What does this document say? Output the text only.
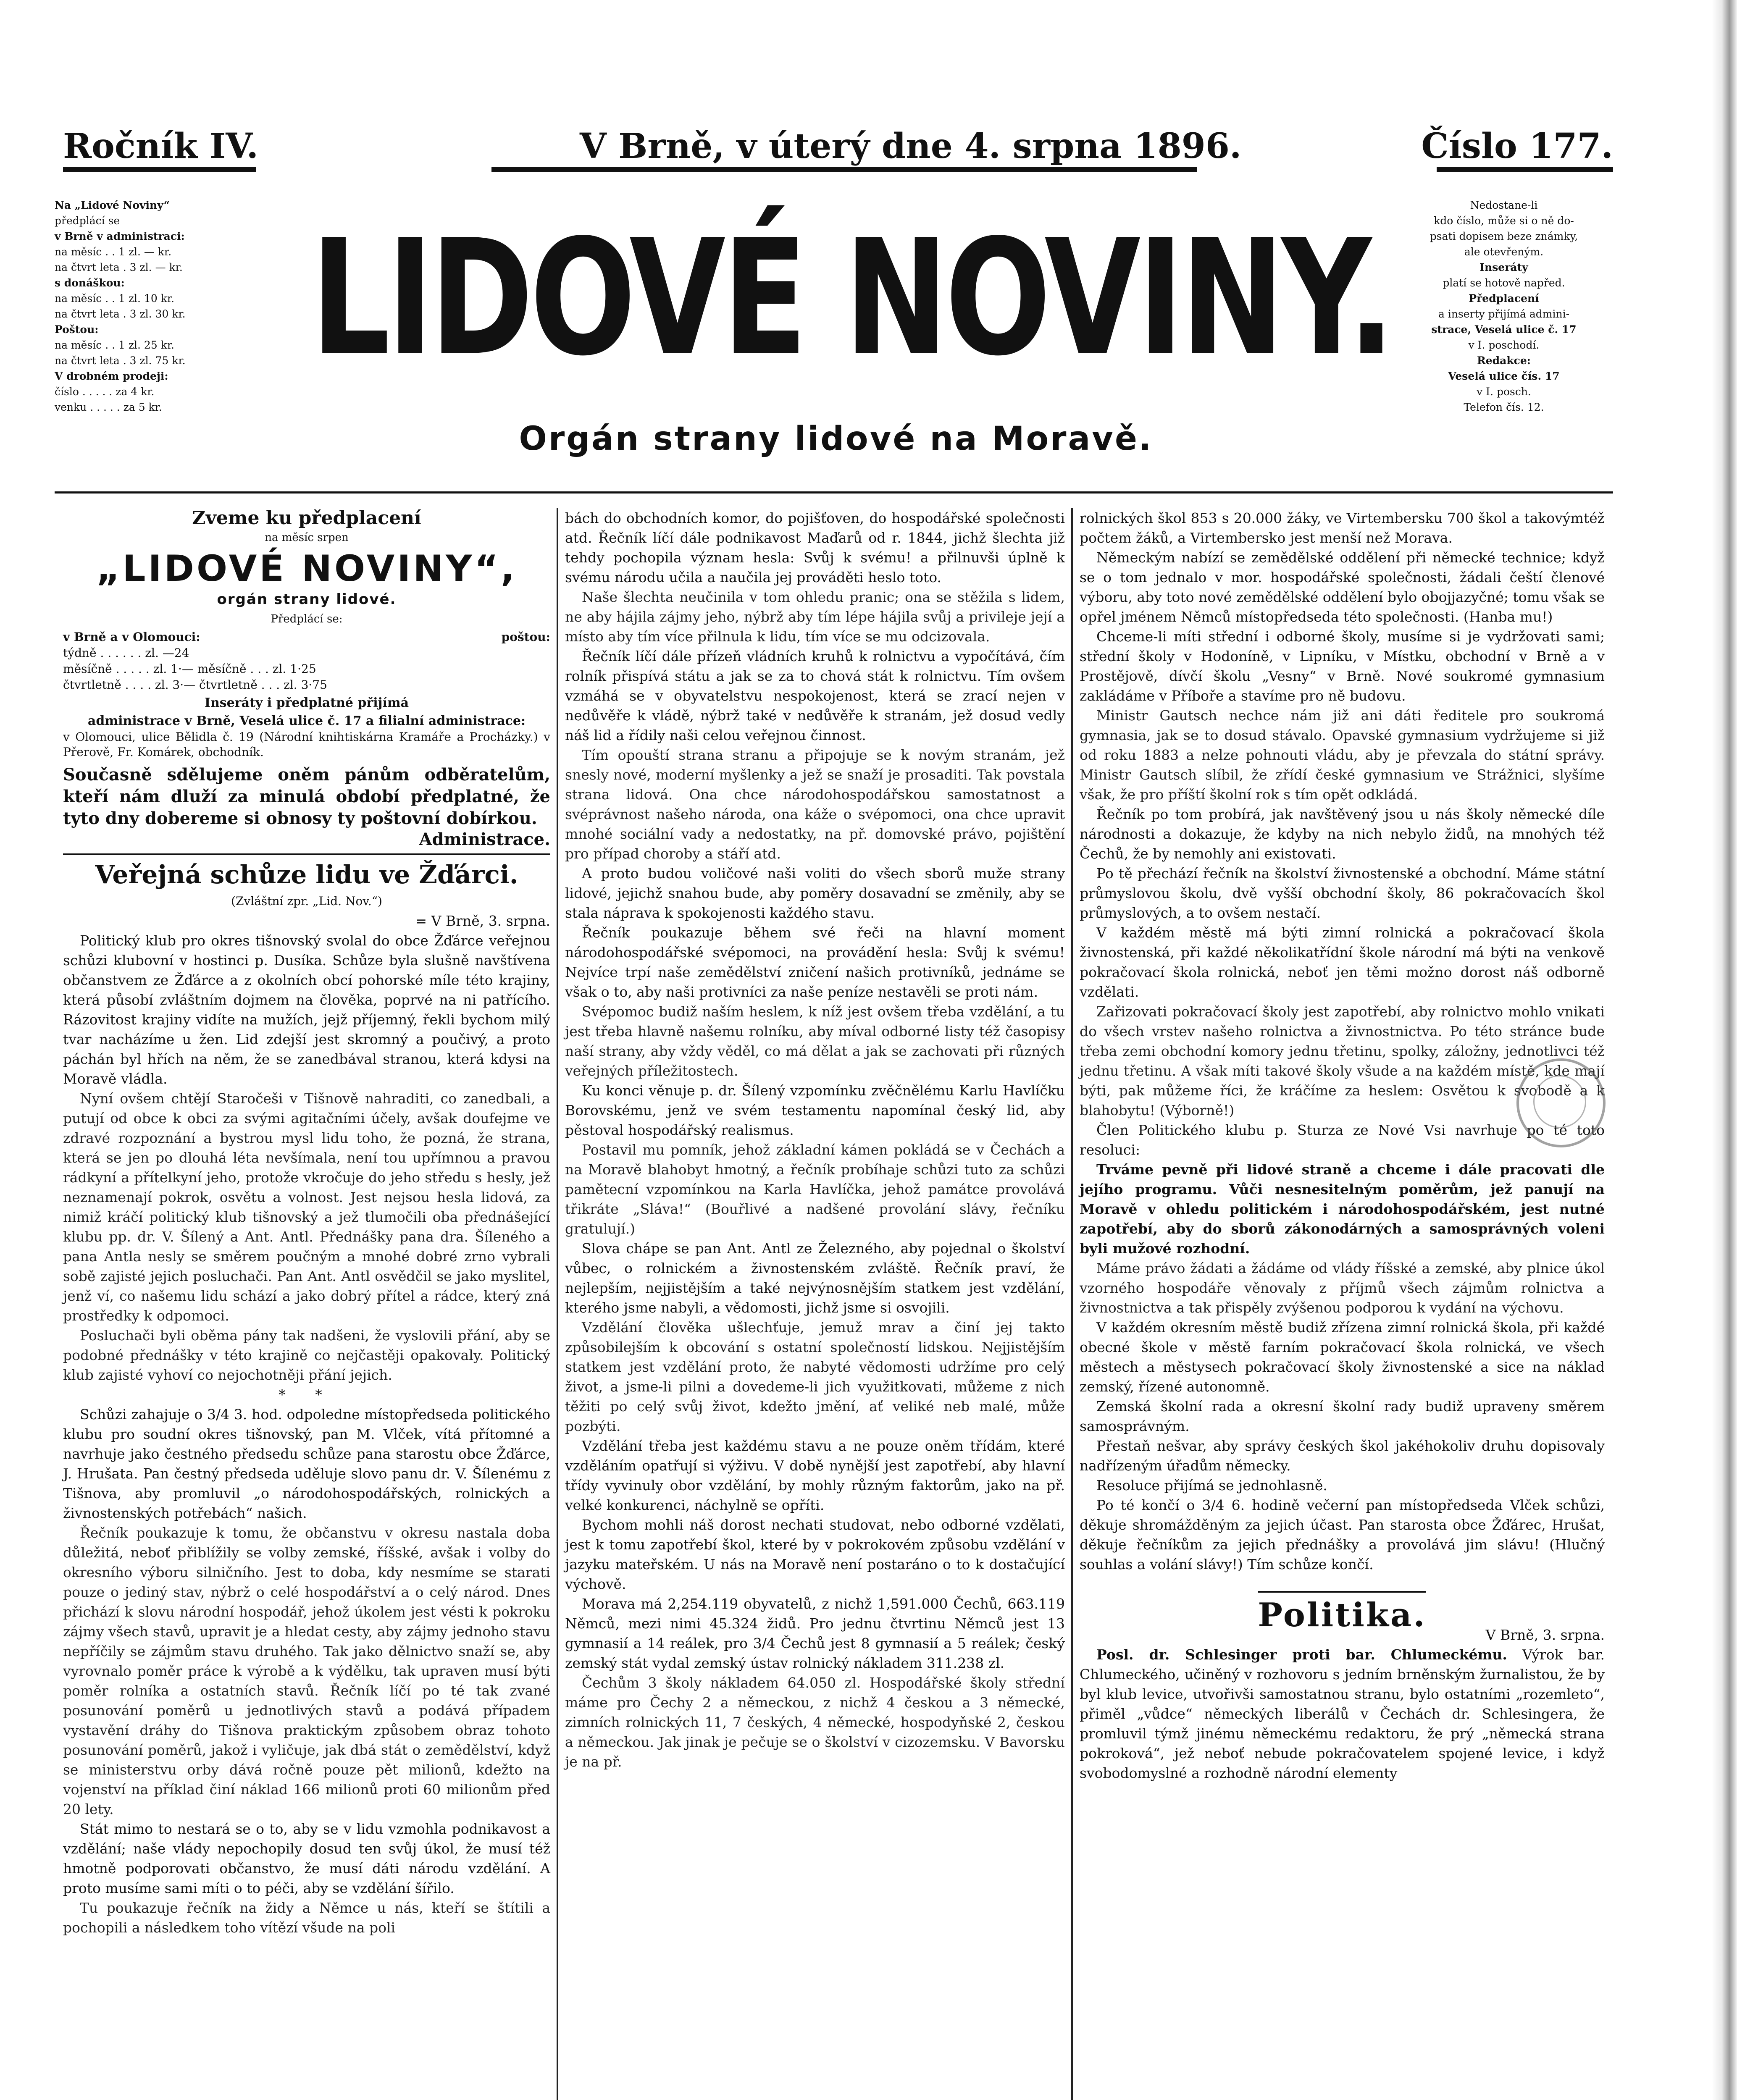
Ročník IV.	V Brně, v úterý dne 4. srpna 1896.	Číslo 177.
Na „Lidové Noviny“
předplácí se
v Brně v administraci:
na měsíc . . 1 zl. — kr.
na čtvrt leta . 3 zl. — kr.
s donáškou:
na měsíc . . 1 zl. 10 kr.
na čtvrt leta . 3 zl. 30 kr.
Poštou:
na měsíc . . 1 zl. 25 kr.
na čtvrt leta . 3 zl. 75 kr.
V drobném prodeji:
číslo . . . . . za 4 kr.
venku . . . . . za 5 kr.
LIDOVÉ NOVINY.
Orgán strany lidové na Moravě.
Nedostane-li
kdo číslo, může si o ně do-
psati dopisem beze známky,
ale otevřeným.
Inseráty
platí se hotově napřed.
Předplacení
a inserty přijímá admini-
strace, Veselá ulice č. 17
v I. poschodí.
Redakce:
Veselá ulice čís. 17
v I. posch.
Telefon čís. 12.
Zveme ku předplacení
na měsíc srpen
„LIDOVÉ NOVINY“,
orgán strany lidové.
Předplácí se:
v Brně a v Olomouci:	poštou:
týdně . . . . . . zl. —24
měsíčně . . . . . zl. 1·— měsíčně . . . zl. 1·25
čtvrtletně . . . . zl. 3·— čtvrtletně . . . zl. 3·75
Inseráty i předplatné přijímá
administrace v Brně, Veselá ulice č. 17 a filialní administrace:
v Olomouci, ulice Bělidla č. 19 (Národní knihtiskárna Kramáře a Procházky.) v Přerově, Fr. Komárek, obchodník.
Současně sdělujeme oněm pánům odběratelům, kteří nám dluží za minulá období předplatné, že tyto dny dobereme si obnosy ty poštovní dobírkou.
Administrace.
Veřejná schůze lidu ve Žďárci.
(Zvláštní zpr. „Lid. Nov.“)
= V Brně, 3. srpna.

Politický klub pro okres tišnovský svolal do obce Žďárce veřejnou schůzi klubovní v hostinci p. Dusíka. Schůze byla slušně navštívena občanstvem ze Žďárce a z okolních obcí pohorské míle této krajiny, která působí zvláštním dojmem na člověka, poprvé na ni patřícího. Rázovitost krajiny vidíte na mužích, jejž příjemný, řekli bychom milý tvar nacházíme u žen. Lid zdejší jest skromný a poučivý, a proto páchán byl hřích na něm, že se zanedbával stranou, která kdysi na Moravě vládla.

Nyní ovšem chtějí Staročeši v Tišnově nahraditi, co zanedbali, a putují od obce k obci za svými agitačními účely, avšak doufejme ve zdravé rozpoznání a bystrou mysl lidu toho, že pozná, že strana, která se jen po dlouhá léta nevšímala, není tou upřímnou a pravou rádkyní a přítelkyní jeho, protože vkročuje do jeho středu s hesly, jež neznamenají pokrok, osvětu a volnost. Jest nejsou hesla lidová, za nimiž kráčí politický klub tišnovský a jež tlumočili oba přednášející klubu pp. dr. V. Šílený a Ant. Antl. Přednášky pana dra. Šíleného a pana Antla nesly se směrem poučným a mnohé dobré zrno vybrali sobě zajisté jejich posluchači. Pan Ant. Antl osvědčil se jako myslitel, jenž ví, co našemu lidu schází a jako dobrý přítel a rádce, který zná prostředky k odpomoci.

Posluchači byli oběma pány tak nadšeni, že vyslovili přání, aby se podobné přednášky v této krajině co nejčastěji opakovaly. Politický klub zajisté vyhoví co nejochotněji přání jejich.

* *

Schůzi zahajuje o 3/4 3. hod. odpoledne místopředseda politického klubu pro soudní okres tišnovský, pan M. Vlček, vítá přítomné a navrhuje jako čestného předsedu schůze pana starostu obce Žďárce, J. Hrušata. Pan čestný předseda uděluje slovo panu dr. V. Šílenému z Tišnova, aby promluvil „o národohospodářských, rolnických a živnostenských potřebách“ našich.

Řečník poukazuje k tomu, že občanstvu v okresu nastala doba důležitá, neboť přiblížily se volby zemské, říšské, avšak i volby do okresního výboru silničního. Jest to doba, kdy nesmíme se starati pouze o jediný stav, nýbrž o celé hospodářství a o celý národ. Dnes přichází k slovu národní hospodář, jehož úkolem jest vésti k pokroku zájmy všech stavů, upravit je a hledat cesty, aby zájmy jednoho stavu nepříčily se zájmům stavu druhého. Tak jako dělnictvo snaží se, aby vyrovnalo poměr práce k výrobě a k výdělku, tak upraven musí býti poměr rolníka a ostatních stavů. Řečník líčí po té tak zvané posunování poměrů u jednotlivých stavů a podává případem vystavění dráhy do Tišnova praktickým způsobem obraz tohoto posunování poměrů, jakož i vyličuje, jak dbá stát o zemědělství, když se ministerstvu orby dává ročně pouze pět milionů, kdežto na vojenství na příklad činí náklad 166 milionů proti 60 milionům před 20 lety.

Stát mimo to nestará se o to, aby se v lidu vzmohla podnikavost a vzdělání; naše vlády nepochopily dosud ten svůj úkol, že musí též hmotně podporovati občanstvo, že musí dáti národu vzdělání. A proto musíme sami míti o to péči, aby se vzdělání šířilo.

Tu poukazuje řečník na židy a Němce u nás, kteří se štítili a pochopili a následkem toho vítězí všude na poli

bách do obchodních komor, do pojišťoven, do hospodářské společnosti atd. Řečník líčí dále podnikavost Maďarů od r. 1844, jichž šlechta již tehdy pochopila význam hesla: Svůj k svému! a přilnuvši úplně k svému národu učila a naučila jej prováděti heslo toto.

Naše šlechta neučinila v tom ohledu pranic; ona se stěžila s lidem, ne aby hájila zájmy jeho, nýbrž aby tím lépe hájila svůj a privileje její a místo aby tím více přilnula k lidu, tím více se mu odcizovala.

Řečník líčí dále přízeň vládních kruhů k rolnictvu a vypočítává, čím rolník přispívá státu a jak se za to chová stát k rolnictvu. Tím ovšem vzmáhá se v obyvatelstvu nespokojenost, která se zrací nejen v nedůvěře k vládě, nýbrž také v nedůvěře k stranám, jež dosud vedly náš lid a řídily naši celou veřejnou činnost.

Tím opouští strana stranu a připojuje se k novým stranám, jež snesly nové, moderní myšlenky a jež se snaží je prosaditi. Tak povstala strana lidová. Ona chce národohospodářskou samostatnost a svéprávnost našeho národa, ona káže o svépomoci, ona chce upravit mnohé sociální vady a nedostatky, na př. domovské právo, pojištění pro případ choroby a stáří atd.

A proto budou voličové naši voliti do všech sborů muže strany lidové, jejichž snahou bude, aby poměry dosavadní se změnily, aby se stala náprava k spokojenosti každého stavu.

Řečník poukazuje během své řeči na hlavní moment národohospodářské svépomoci, na provádění hesla: Svůj k svému! Nejvíce trpí naše zemědělství zničení našich protivníků, jednáme se však o to, aby naši protivníci za naše peníze nestavěli se proti nám.

Svépomoc budiž naším heslem, k níž jest ovšem třeba vzdělání, a tu jest třeba hlavně našemu rolníku, aby míval odborné listy též časopisy naší strany, aby vždy věděl, co má dělat a jak se zachovati při různých veřejných příležitostech.

Ku konci věnuje p. dr. Šílený vzpomínku zvěčnělému Karlu Havlíčku Borovskému, jenž ve svém testamentu napomínal český lid, aby pěstoval hospodářský realismus.

Postavil mu pomník, jehož základní kámen pokládá se v Čechách a na Moravě blahobyt hmotný, a řečník probíhaje schůzi tuto za schůzi pamětecní vzpomínkou na Karla Havlíčka, jehož památce provolává třikráte „Sláva!“ (Bouřlivé a nadšené provolání slávy, řečníku gratulují.)

Slova chápe se pan Ant. Antl ze Železného, aby pojednal o školství vůbec, o rolnickém a živnostenském zvláště. Řečník praví, že nejlepším, nejjistějším a také nejvýnosnějším statkem jest vzdělání, kterého jsme nabyli, a vědomosti, jichž jsme si osvojili.

Vzdělání člověka ušlechťuje, jemuž mrav a činí jej takto způsobilejším k obcování s ostatní společností lidskou. Nejjistějším statkem jest vzdělání proto, že nabyté vědomosti udržíme pro celý život, a jsme-li pilni a dovedeme-li jich využitkovati, můžeme z nich těžiti po celý svůj život, kdežto jmění, ať veliké neb malé, může pozbýti.

Vzdělání třeba jest každému stavu a ne pouze oněm třídám, které vzděláním opatřují si výživu. V době nynější jest zapotřebí, aby hlavní třídy vyvinuly obor vzdělání, by mohly různým faktorům, jako na př. velké konkurenci, náchylně se opříti.

Bychom mohli náš dorost nechati studovat, nebo odborné vzdělati, jest k tomu zapotřebí škol, které by v pokrokovém způsobu vzdělání v jazyku mateřském. U nás na Moravě není postaráno o to k dostačující výchově.

Morava má 2,254.119 obyvatelů, z nichž 1,591.000 Čechů, 663.119 Němců, mezi nimi 45.324 židů. Pro jednu čtvrtinu Němců jest 13 gymnasií a 14 reálek, pro 3/4 Čechů jest 8 gymnasií a 5 reálek; český zemský stát vydal zemský ústav rolnický nákladem 311.238 zl.

Čechům 3 školy nákladem 64.050 zl. Hospodářské školy střední máme pro Čechy 2 a německou, z nichž 4 českou a 3 německé, zimních rolnických 11, 7 českých, 4 německé, hospodyňské 2, českou a německou. Jak jinak je pečuje se o školství v cizozemsku. V Bavorsku je na př.

rolnických škol 853 s 20.000 žáky, ve Virtembersku 700 škol a takovýmtéž počtem žáků, a Virtembersko jest menší než Morava.

Německým nabízí se zemědělské oddělení při německé technice; když se o tom jednalo v mor. hospodářské společnosti, žádali čeští členové výboru, aby toto nové zemědělské oddělení bylo obojjazyčné; tomu však se opřel jménem Němců místopředseda této společnosti. (Hanba mu!)

Chceme-li míti střední i odborné školy, musíme si je vydržovati sami; střední školy v Hodoníně, v Lipníku, v Místku, obchodní v Brně a v Prostějově, dívčí školu „Vesny“ v Brně. Nové soukromé gymnasium zakládáme v Příboře a stavíme pro ně budovu.

Ministr Gautsch nechce nám již ani dáti ředitele pro soukromá gymnasia, jak se to dosud stávalo. Opavské gymnasium vydržujeme si již od roku 1883 a nelze pohnouti vládu, aby je převzala do státní správy. Ministr Gautsch slíbil, že zřídí české gymnasium ve Strážnici, slyšíme však, že pro příští školní rok s tím opět odkládá.

Řečník po tom probírá, jak navštěvený jsou u nás školy německé díle národnosti a dokazuje, že kdyby na nich nebylo židů, na mnohých též Čechů, že by nemohly ani existovati.

Po tě přechází řečník na školství živnostenské a obchodní. Máme státní průmyslovou školu, dvě vyšší obchodní školy, 86 pokračovacích škol průmyslových, a to ovšem nestačí.

V každém městě má býti zimní rolnická a pokračovací škola živnostenská, při každé několikatřídní škole národní má býti na venkově pokračovací škola rolnická, neboť jen těmi možno dorost náš odborně vzdělati.

Zařizovati pokračovací školy jest zapotřebí, aby rolnictvo mohlo vnikati do všech vrstev našeho rolnictva a živnostnictva. Po této stránce bude třeba zemi obchodní komory jednu třetinu, spolky, záložny, jednotlivci též jednu třetinu. A však míti takové školy všude a na každém místě, kde mají býti, pak můžeme říci, že kráčíme za heslem: Osvětou k svobodě a k blahobytu! (Výborně!)

Člen Politického klubu p. Sturza ze Nové Vsi navrhuje po té toto resoluci:

Trváme pevně při lidové straně a chceme i dále pracovati dle jejího programu. Vůči nesnesitelným poměrům, jež panují na Moravě v ohledu politickém i národohospodářském, jest nutné zapotřebí, aby do sborů zákonodárných a samosprávných voleni byli mužové rozhodní.

Máme právo žádati a žádáme od vlády říšské a zemské, aby plnice úkol vzorného hospodáře věnovaly z příjmů všech zájmům rolnictva a živnostnictva a tak přispěly zvýšenou podporou k vydání na výchovu.

V každém okresním městě budiž zřízena zimní rolnická škola, při každé obecné škole v městě farním pokračovací škola rolnická, ve všech městech a městysech pokračovací školy živnostenské a sice na náklad zemský, řízené autonomně.

Zemská školní rada a okresní školní rady budiž upraveny směrem samosprávným.

Přestaň nešvar, aby správy českých škol jakéhokoliv druhu dopisovaly nadřízeným úřadům německy.

Resoluce přijímá se jednohlasně.

Po té končí o 3/4 6. hodině večerní pan místopředseda Vlček schůzi, děkuje shromážděným za jejich účast. Pan starosta obce Žďárec, Hrušat, děkuje řečníkům za jejich přednášky a provolává jim slávu! (Hlučný souhlas a volání slávy!) Tím schůze končí.

Politika.
V Brně, 3. srpna.

Posl. dr. Schlesinger proti bar. Chlumeckému. Výrok bar. Chlumeckého, učiněný v rozhovoru s jedním brněnským žurnalistou, že by byl klub levice, utvořivši samostatnou stranu, bylo ostatními „rozemleto“, přiměl „vůdce“ německých liberálů v Čechách dr. Schlesingera, že promluvil týmž jinému německému redaktoru, že prý „německá strana pokroková“, jež neboť nebude pokračovatelem spojené levice, i když svobodomyslné a rozhodně národní elementy
